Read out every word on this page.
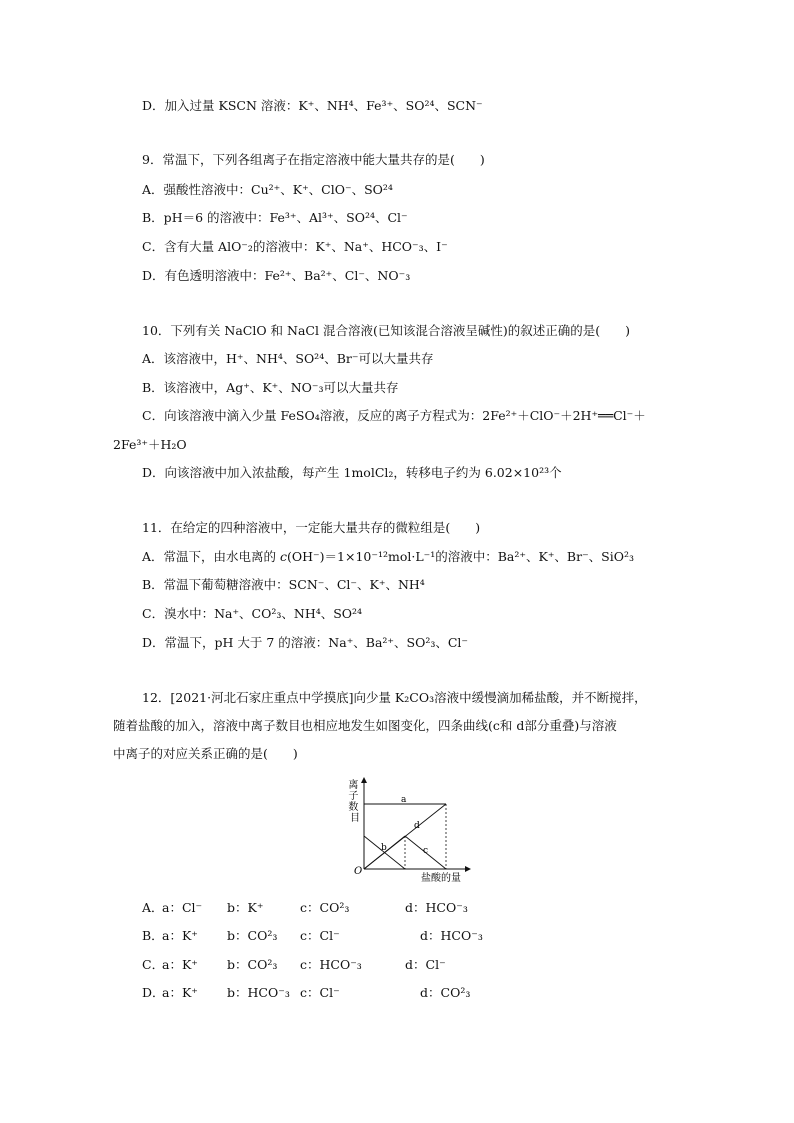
D．加入过量 KSCN 溶液：K⁺、NH⁴、Fe³⁺、SO²⁴、SCN⁻
9．常温下，下列各组离子在指定溶液中能大量共存的是(　　)
A．强酸性溶液中：Cu²⁺、K⁺、ClO⁻、SO²⁴
B．pH＝6 的溶液中：Fe³⁺、Al³⁺、SO²⁴、Cl⁻
C．含有大量 AlO⁻₂的溶液中：K⁺、Na⁺、HCO⁻₃、I⁻
D．有色透明溶液中：Fe²⁺、Ba²⁺、Cl⁻、NO⁻₃
10．下列有关 NaClO 和 NaCl 混合溶液(已知该混合溶液呈碱性)的叙述正确的是(　　)
A．该溶液中，H⁺、NH⁴、SO²⁴、Br⁻可以大量共存
B．该溶液中，Ag⁺、K⁺、NO⁻₃可以大量共存
C．向该溶液中滴入少量 FeSO₄溶液，反应的离子方程式为：2Fe²⁺＋ClO⁻＋2H⁺══Cl⁻＋
2Fe³⁺＋H₂O
D．向该溶液中加入浓盐酸，每产生 1molCl₂，转移电子约为 6.02×10²³个
11．在给定的四种溶液中，一定能大量共存的微粒组是(　　)
A．常温下，由水电离的 c(OH⁻)＝1×10⁻¹²mol·L⁻¹的溶液中：Ba²⁺、K⁺、Br⁻、SiO²₃
B．常温下葡萄糖溶液中：SCN⁻、Cl⁻、K⁺、NH⁴
C．溴水中：Na⁺、CO²₃、NH⁴、SO²⁴
D．常温下，pH 大于 7 的溶液：Na⁺、Ba²⁺、SO²₃、Cl⁻
12．[2021·河北石家庄重点中学摸底]向少量 K₂CO₃溶液中缓慢滴加稀盐酸，并不断搅拌，
随着盐酸的加入，溶液中离子数目也相应地发生如图变化，四条曲线(c和 d部分重叠)与溶液
中离子的对应关系正确的是(　　)
离 子 数 目
O
盐酸的量
a
b
d
c
A．
a：Cl⁻ b：K⁺	c：CO²₃	d：HCO⁻₃
B．
a：K⁺ b：CO²₃ c：Cl⁻	d：HCO⁻₃
C．
a：K⁺ b：CO²₃ c：HCO⁻₃	d：Cl⁻
D．
a：K⁺ b：HCO⁻₃ c：Cl⁻	d：CO²₃
